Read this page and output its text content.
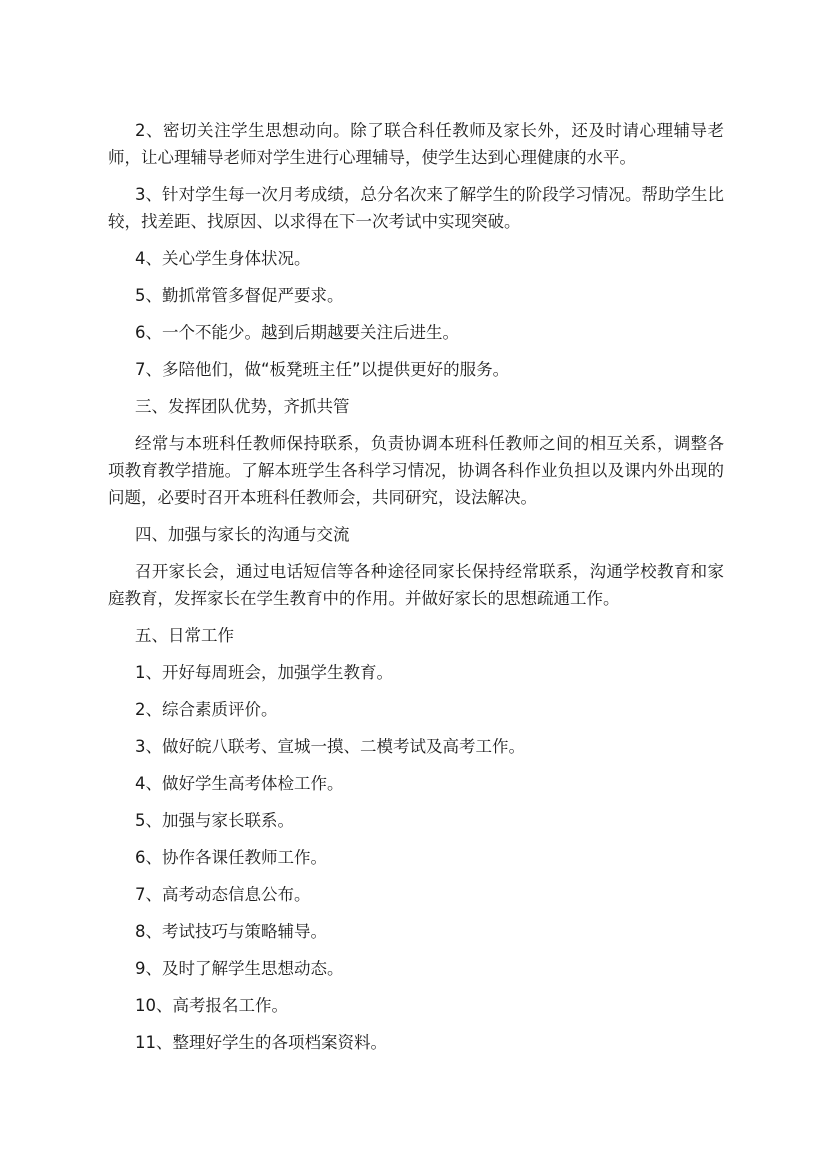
2、密切关注学生思想动向。除了联合科任教师及家长外，还及时请心理辅导老师，让心理辅导老师对学生进行心理辅导，使学生达到心理健康的水平。

3、针对学生每一次月考成绩，总分名次来了解学生的阶段学习情况。帮助学生比较，找差距、找原因、以求得在下一次考试中实现突破。

4、关心学生身体状况。

5、勤抓常管多督促严要求。

6、一个不能少。越到后期越要关注后进生。

7、多陪他们，做“板凳班主任”以提供更好的服务。

三、发挥团队优势，齐抓共管

经常与本班科任教师保持联系，负责协调本班科任教师之间的相互关系，调整各项教育教学措施。了解本班学生各科学习情况，协调各科作业负担以及课内外出现的问题，必要时召开本班科任教师会，共同研究，设法解决。

四、加强与家长的沟通与交流

召开家长会，通过电话短信等各种途径同家长保持经常联系，沟通学校教育和家庭教育，发挥家长在学生教育中的作用。并做好家长的思想疏通工作。

五、日常工作

1、开好每周班会，加强学生教育。

2、综合素质评价。

3、做好皖八联考、宣城一摸、二模考试及高考工作。

4、做好学生高考体检工作。

5、加强与家长联系。

6、协作各课任教师工作。

7、高考动态信息公布。

8、考试技巧与策略辅导。

9、及时了解学生思想动态。

10、高考报名工作。

11、整理好学生的各项档案资料。
